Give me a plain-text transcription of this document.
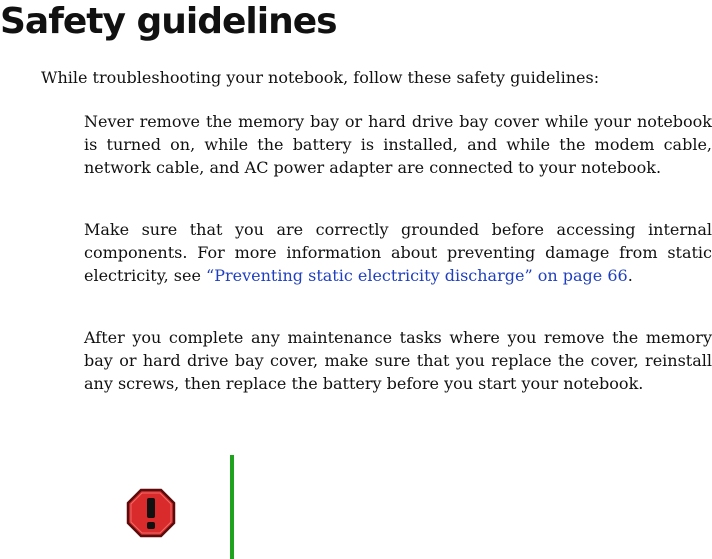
Safety guidelines

While troubleshooting your notebook, follow these safety guidelines:

Never remove the memory bay or hard drive bay cover while your notebook is turned on, while the battery is installed, and while the modem cable, network cable, and AC power adapter are connected to your notebook.

Make sure that you are correctly grounded before accessing internal components. For more information about preventing damage from static electricity, see “Preventing static electricity discharge” on page 66.

After you complete any maintenance tasks where you remove the memory bay or hard drive bay cover, make sure that you replace the cover, reinstall any screws, then replace the battery before you start your notebook.
